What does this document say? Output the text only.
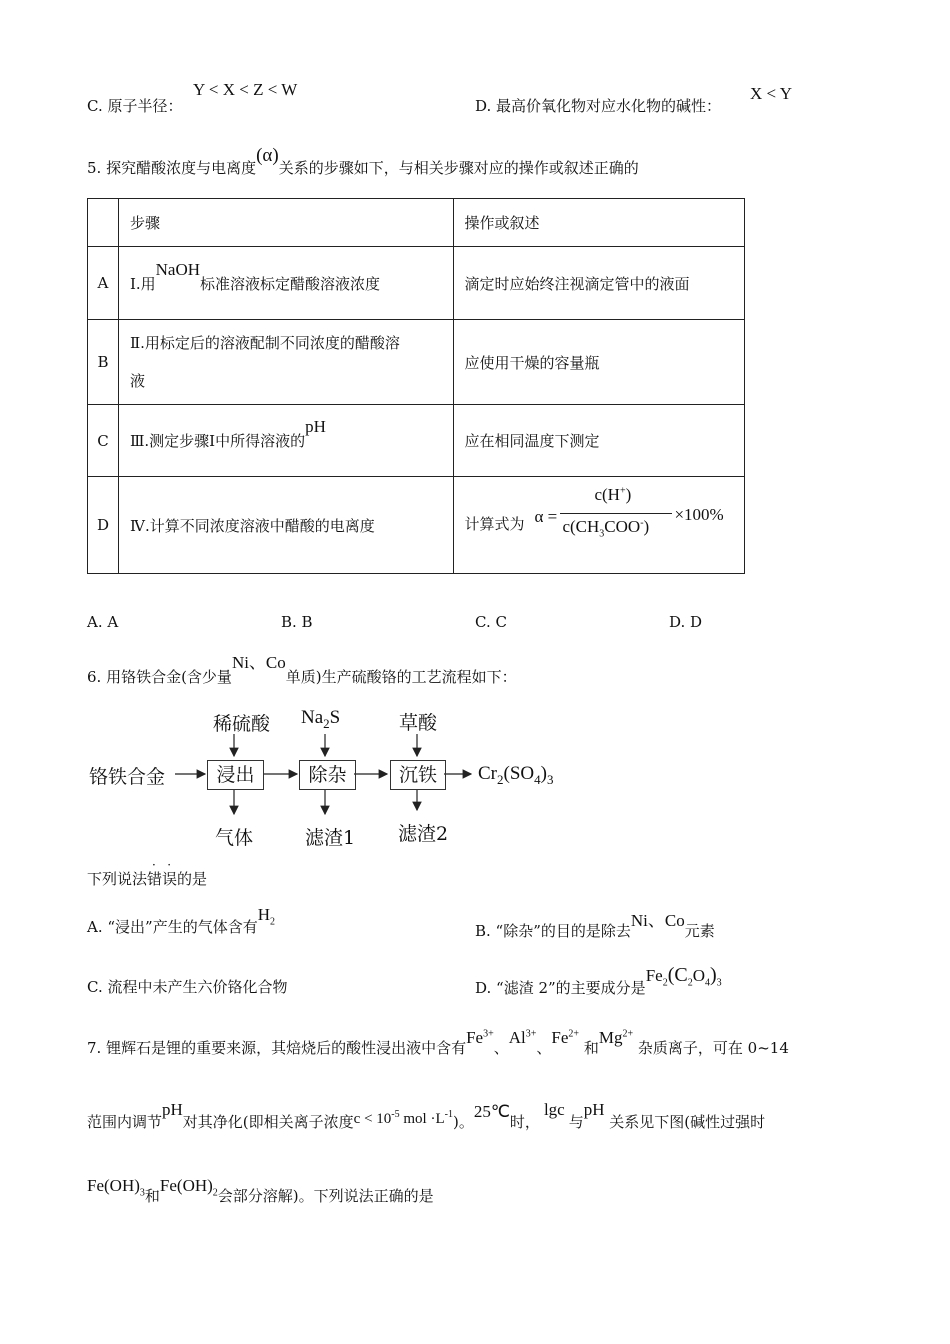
C. 原子半径：
Y < X < Z < W
D. 最高价氧化物对应水化物的碱性：
X < Y
5. 探究醋酸浓度与电离度(α)关系的步骤如下，与相关步骤对应的操作或叙述正确的
	步骤	操作或叙述
A	Ⅰ.用NaOH标准溶液标定醋酸溶液浓度	滴定时应始终注视滴定管中的液面
B	Ⅱ.用标定后的溶液配制不同浓度的醋酸溶
液	应使用干燥的容量瓶
C	Ⅲ.测定步骤Ⅰ中所得溶液的pH	应在相同温度下测定
D	Ⅳ.计算不同浓度溶液中醋酸的电离度	计算式为 α =
c(H+)
$c(CH_3COO^-)$
×100%
A. A	B. B	C. C	D. D
6. 用铬铁合金(含少量Ni、Co单质)生产硫酸铬的工艺流程如下：
稀硫酸 $Na_2S$	草酸
铬铁合金	浸出	除杂	沉铁	$Cr_2(SO_4)_3$
气体	滤渣1 滤渣2
下列说法
·   ·
错误的是
A. “浸出”产生的气体含有$H_2$
B. “除杂”的目的是除去Ni、Co元素
C. 流程中未产生六价铬化合物	D. “滤渣 2”的主要成分是$Fe_2(C_2O_4)_3$
7. 锂辉石是锂的重要来源，其焙烧后的酸性浸出液中含有$Fe^{3+}$、$Al^{3+}$、$Fe^{2+}$ 和$Mg^{2+}$ 杂质离子，可在 0~14
范围内调节pH对其净化(即相关离子浓度$c < 10^{-5}$ mol $\cdot L^{-1}$)。25℃时，lgc与pH 关系见下图(碱性过强时
$Fe(OH)_3$和$Fe(OH)_2$会部分溶解)。下列说法正确的是
